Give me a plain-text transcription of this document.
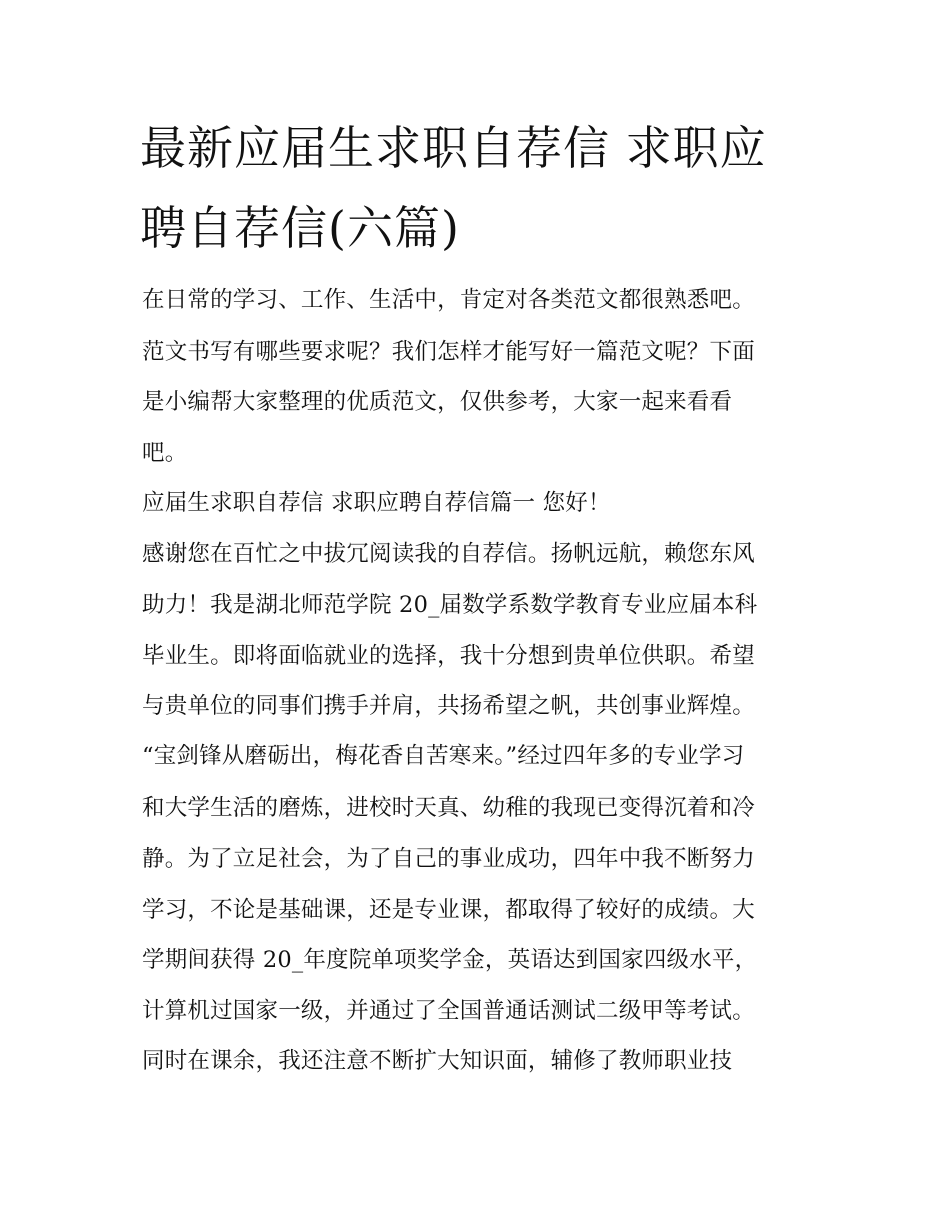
最新应届生求职自荐信 求职应
聘自荐信(六篇)
在日常的学习、工作、生活中，肯定对各类范文都很熟悉吧。
范文书写有哪些要求呢？我们怎样才能写好一篇范文呢？下面
是小编帮大家整理的优质范文，仅供参考，大家一起来看看
吧。
应届生求职自荐信 求职应聘自荐信篇一 您好！
感谢您在百忙之中拔冗阅读我的自荐信。扬帆远航，赖您东风
助力！我是湖北师范学院 20_届数学系数学教育专业应届本科
毕业生。即将面临就业的选择，我十分想到贵单位供职。希望
与贵单位的同事们携手并肩，共扬希望之帆，共创事业辉煌。
“宝剑锋从磨砺出，梅花香自苦寒来。”经过四年多的专业学习
和大学生活的磨炼，进校时天真、幼稚的我现已变得沉着和冷
静。为了立足社会，为了自己的事业成功，四年中我不断努力
学习，不论是基础课，还是专业课，都取得了较好的成绩。大
学期间获得 20_年度院单项奖学金，英语达到国家四级水平，
计算机过国家一级，并通过了全国普通话测试二级甲等考试。
同时在课余，我还注意不断扩大知识面，辅修了教师职业技
